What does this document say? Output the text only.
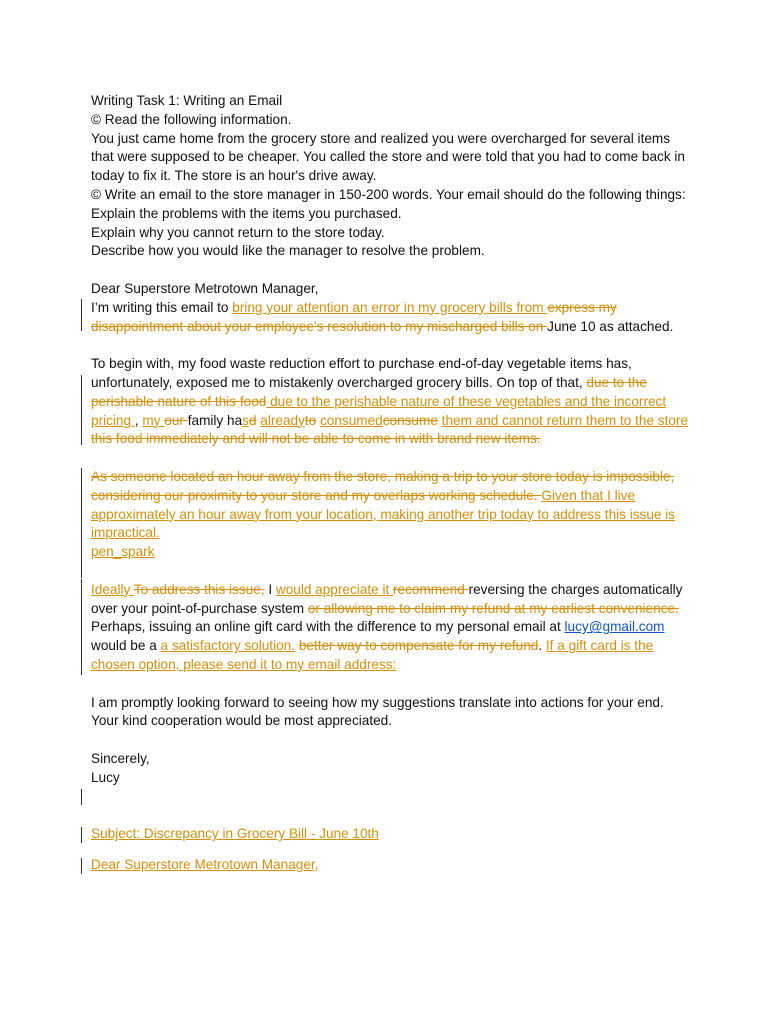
Writing Task 1: Writing an Email

© Read the following information.

You just came home from the grocery store and realized you were overcharged for several items that were supposed to be cheaper. You called the store and were told that you had to come back in today to fix it. The store is an hour's drive away.

© Write an email to the store manager in 150-200 words. Your email should do the following things:

Explain the problems with the items you purchased.

Explain why you cannot return to the store today.

Describe how you would like the manager to resolve the problem.

Dear Superstore Metrotown Manager,

I’m writing this email to bring your attention an error in my grocery bills from express my disappointment about your employee’s resolution to my mischarged bills on June 10 as attached.

To begin with, my food waste reduction effort to purchase end-of-day vegetable items has, unfortunately, exposed me to mistakenly overcharged grocery bills. On top of that, due to the perishable nature of this food due to the perishable nature of these vegetables and the incorrect pricing , my our family hasd alreadyto consumedconsume them and cannot return them to the store this food immediately and will not be able to come in with brand new items.

As someone located an hour away from the store, making a trip to your store today is impossible, considering our proximity to your store and my overlaps working schedule. Given that I live approximately an hour away from your location, making another trip today to address this issue is impractical.

pen_spark

Ideally To address this issue, I would appreciate it recommend reversing the charges automatically over your point-of-purchase system or allowing me to claim my refund at my earliest convenience. Perhaps, issuing an online gift card with the difference to my personal email at lucy@gmail.com would be a a satisfactory solution. better way to compensate for my refund. If a gift card is the chosen option, please send it to my email address:

I am promptly looking forward to seeing how my suggestions translate into actions for your end. Your kind cooperation would be most appreciated.

Sincerely,

Lucy

Subject: Discrepancy in Grocery Bill - June 10th

Dear Superstore Metrotown Manager,
